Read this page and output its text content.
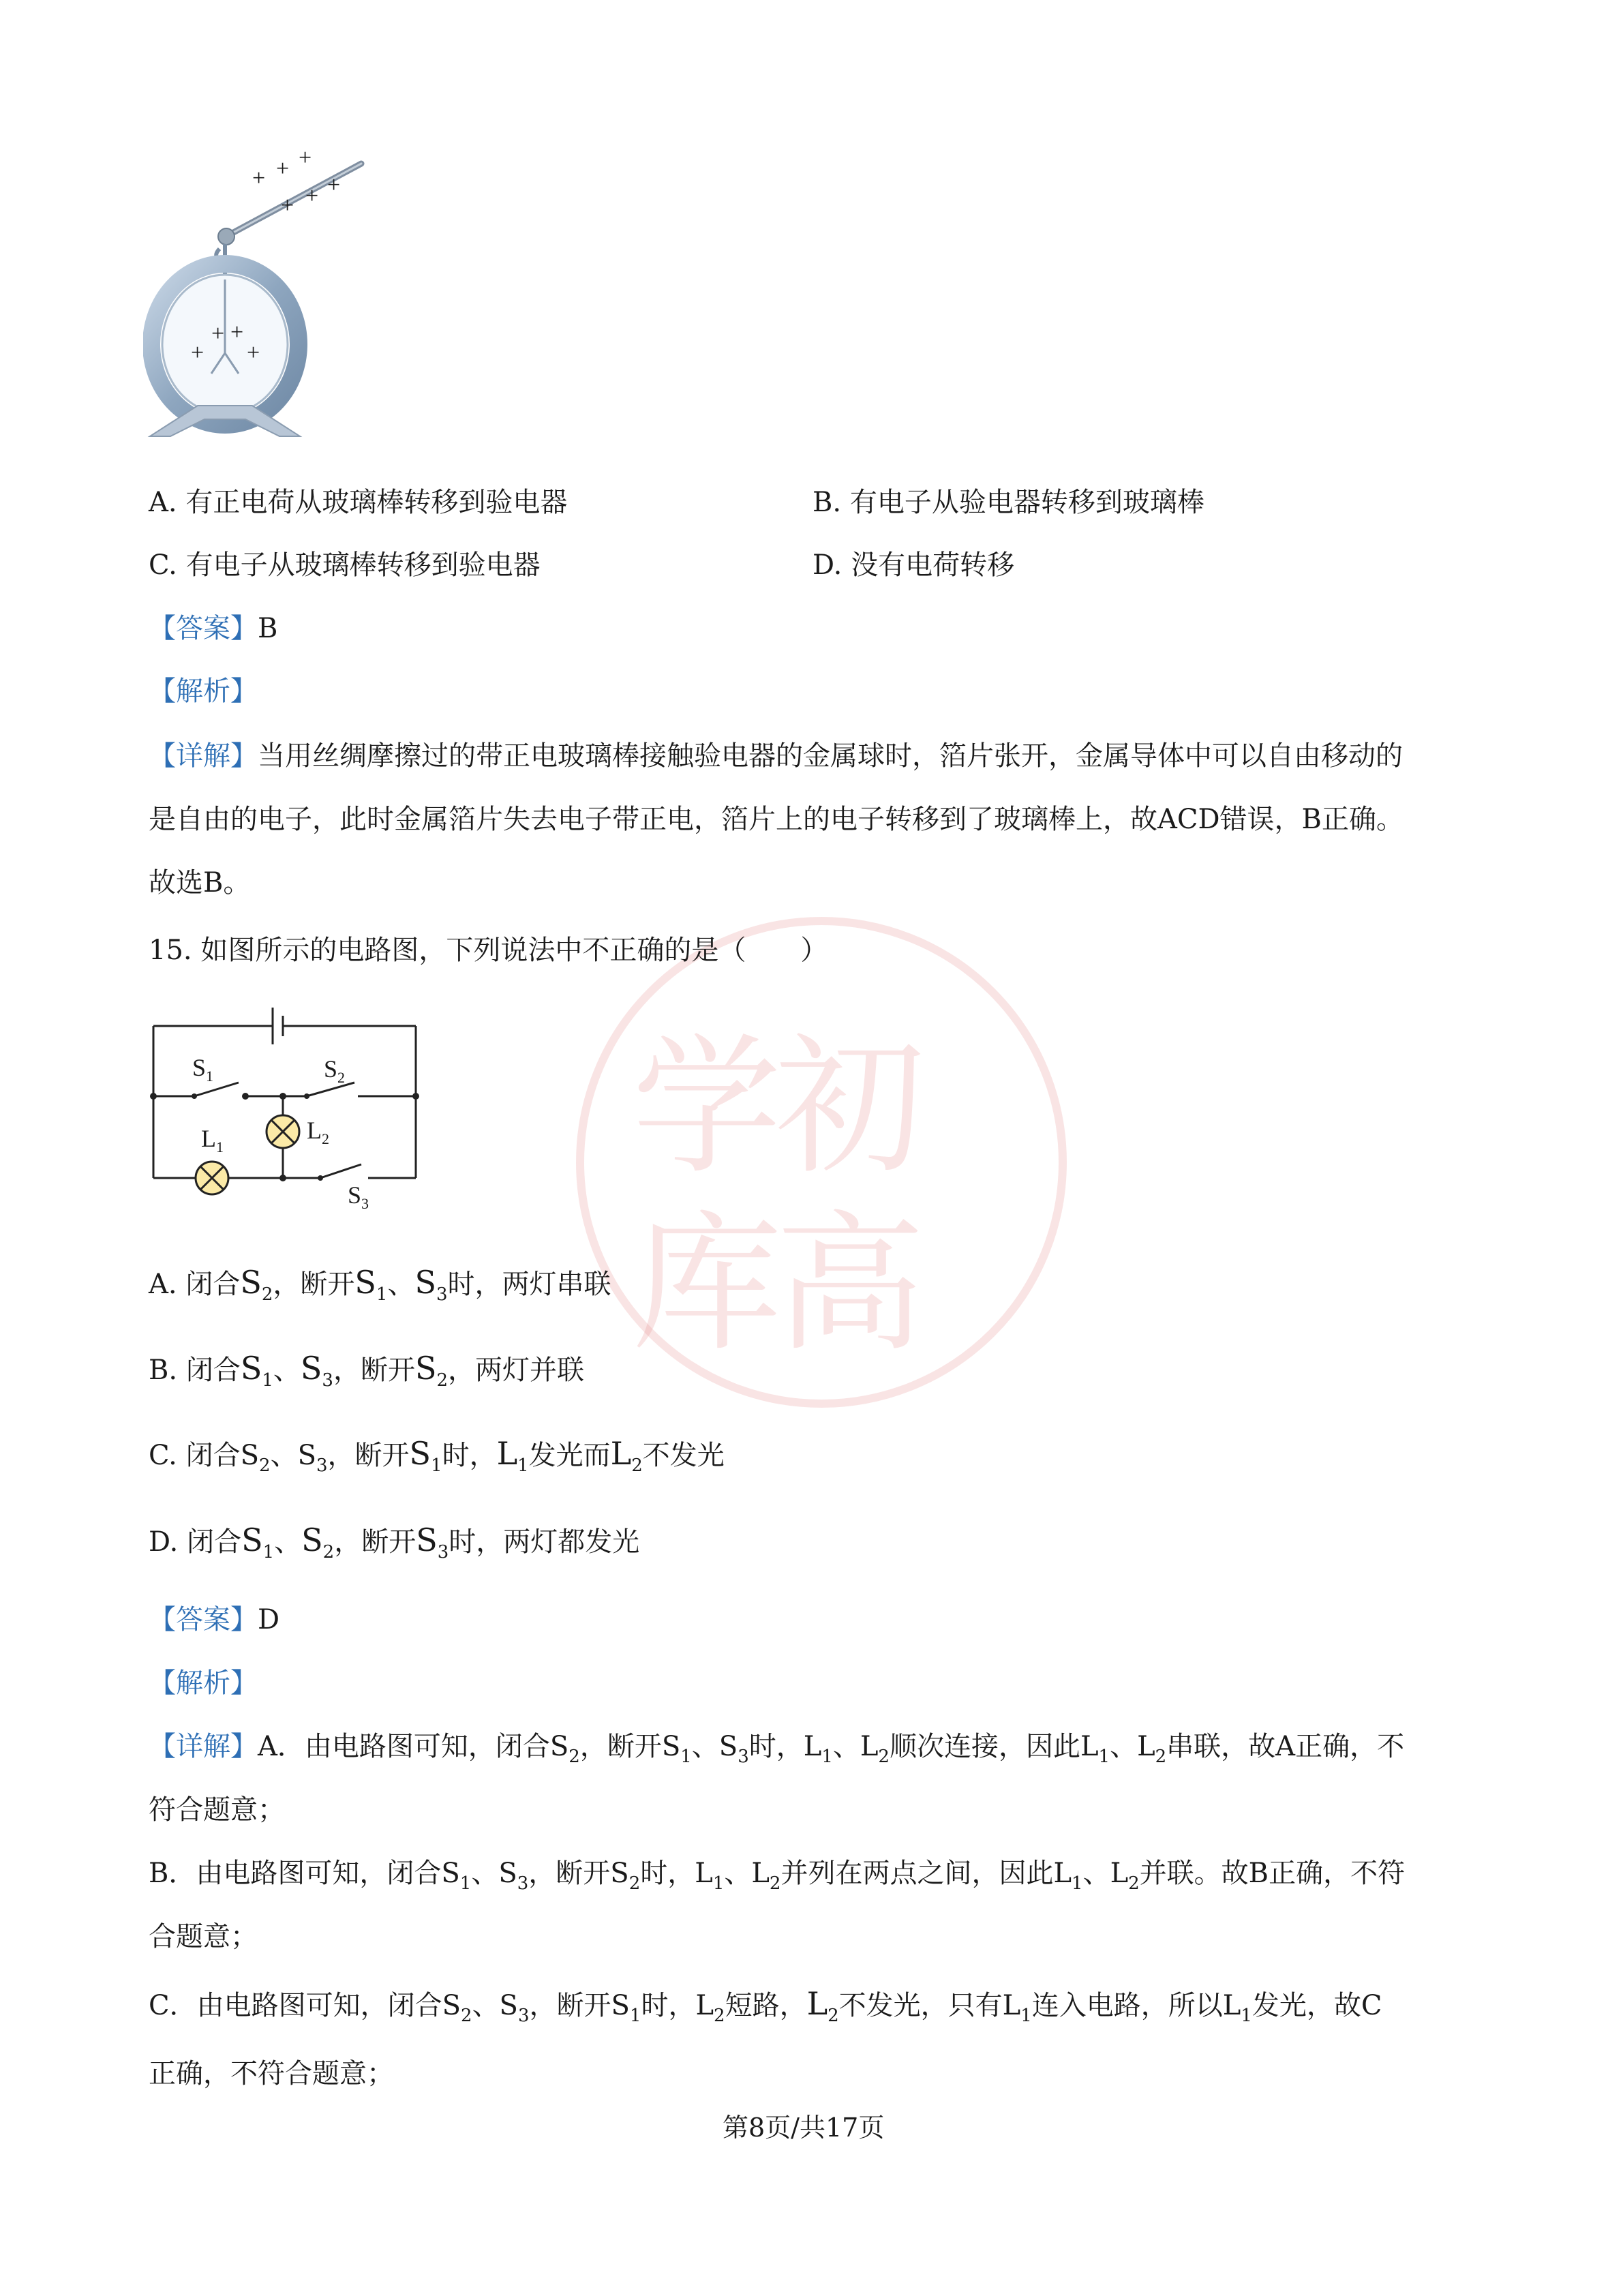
学初
库高
+ + +
+ + +
+ +
+ +
A. 有正电荷从玻璃棒转移到验电器	B. 有电子从验电器转移到玻璃棒
C. 有电子从玻璃棒转移到验电器	D. 没有电荷转移
【答案】B
【解析】
【详解】当用丝绸摩擦过的带正电玻璃棒接触验电器的金属球时，箔片张开，金属导体中可以自由移动的
是自由的电子，此时金属箔片失去电子带正电，箔片上的电子转移到了玻璃棒上，故ACD错误，B正确。
故选B。
15. 如图所示的电路图，下列说法中不正确的是（　　）
$S_1$	$S_2$
$L_2$
$L_1$
$S_3$
A. 闭合$S_2$，断开$S_1$、$S_3$时，两灯串联
B. 闭合$S_1$、$S_3$，断开$S_2$，两灯并联
C. 闭合$S_2$、$S_3$，断开$S_1$时，$L_1$发光而$L_2$不发光
D. 闭合$S_1$、$S_2$，断开$S_3$时，两灯都发光
【答案】D
【解析】
【详解】A．由电路图可知，闭合$S_2$，断开$S_1$、$S_3$时，$L_1$、$L_2$顺次连接，因此$L_1$、$L_2$串联，故A正确，不
符合题意；
B．由电路图可知，闭合$S_1$、$S_3$，断开$S_2$时，$L_1$、$L_2$并列在两点之间，因此$L_1$、$L_2$并联。故B正确，不符
合题意；
C．由电路图可知，闭合$S_2$、$S_3$，断开$S_1$时，$L_2$短路，$L_2$不发光，只有$L_1$连入电路，所以$L_1$发光，故C
正确，不符合题意；
第8页/共17页
